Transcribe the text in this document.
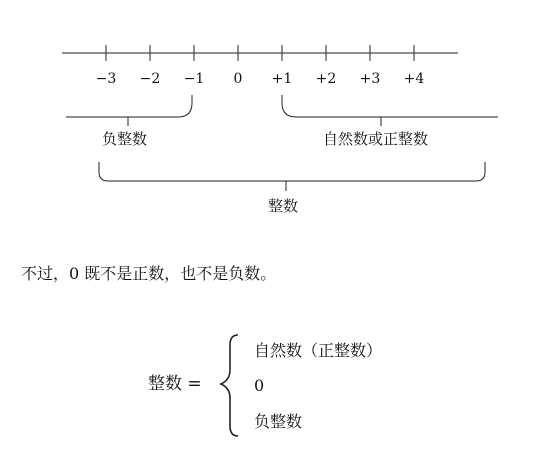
−3 −2 −1 0 +1 +2 +3 +4
负整数	自然数或正整数
整数
不过，0 既不是正数，也不是负数。
整数 =
自然数（正整数）
0
负整数
